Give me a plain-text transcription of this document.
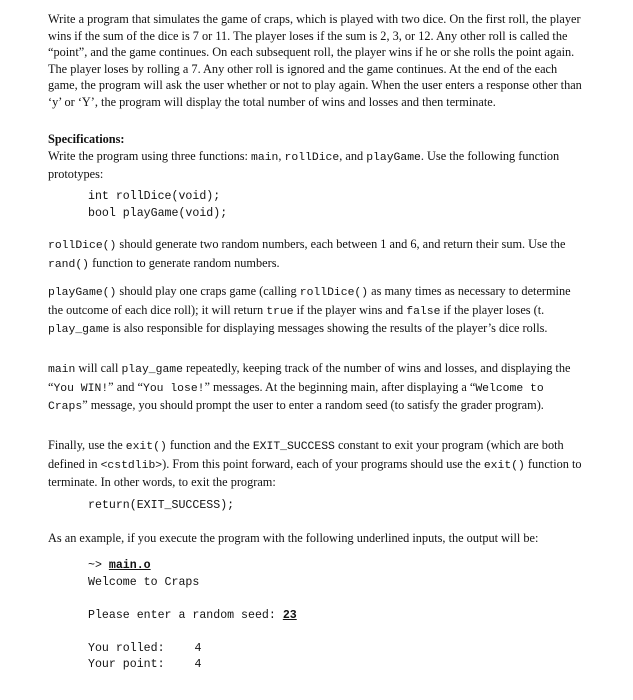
Write a program that simulates the game of craps, which is played with two dice. On the first roll, the player wins if the sum of the dice is 7 or 11. The player loses if the sum is 2, 3, or 12. Any other roll is called the “point”, and the game continues. On each subsequent roll, the player wins if he or she rolls the point again. The player loses by rolling a 7. Any other roll is ignored and the game continues. At the end of the each game, the program will ask the user whether or not to play again. When the user enters a response other than ‘y’ or ‘Y’, the program will display the total number of wins and losses and then terminate.
Specifications:
Write the program using three functions: main, rollDice, and playGame. Use the following function prototypes:
int rollDice(void);
bool playGame(void);
rollDice() should generate two random numbers, each between 1 and 6, and return their sum. Use the rand() function to generate random numbers.
playGame() should play one craps game (calling rollDice() as many times as necessary to determine the outcome of each dice roll); it will return true if the player wins and false if the player loses (t. play_game is also responsible for displaying messages showing the results of the player’s dice rolls.
main will call play_game repeatedly, keeping track of the number of wins and losses, and displaying the “You WIN!” and “You lose!” messages. At the beginning main, after displaying a “Welcome to Craps” message, you should prompt the user to enter a random seed (to satisfy the grader program).
Finally, use the exit() function and the EXIT_SUCCESS constant to exit your program (which are both defined in <cstdlib>). From this point forward, each of your programs should use the exit() function to terminate. In other words, to exit the program:
return(EXIT_SUCCESS);
As an example, if you execute the program with the following underlined inputs, the output will be:
~> main.o
Welcome to Craps
Please enter a random seed: 23
You rolled:	4
Your point:	4
